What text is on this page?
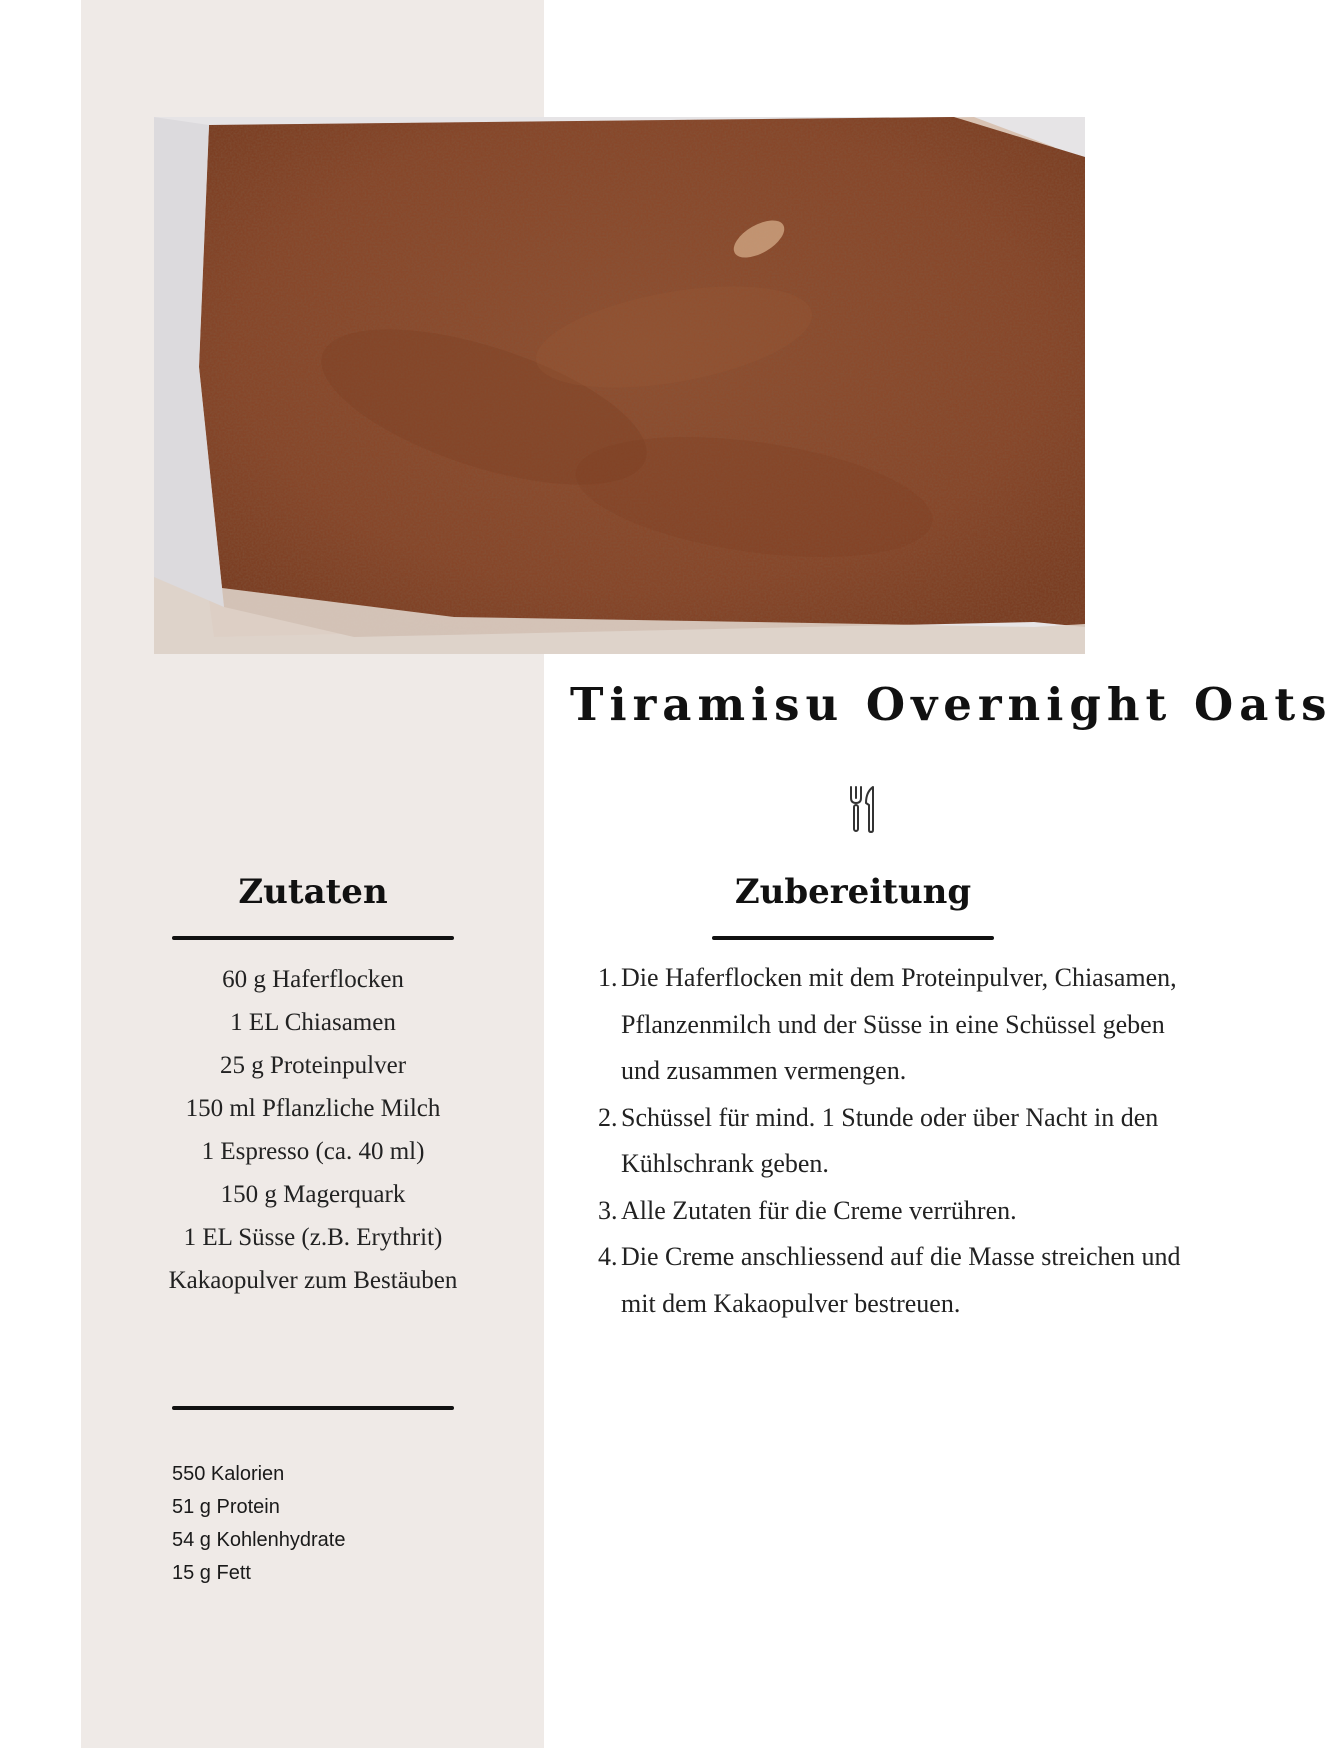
Tiramisu Overnight Oats
Zutaten	Zubereitung
60 g Haferflocken
1 EL Chiasamen
25 g Proteinpulver
150 ml Pflanzliche Milch
1 Espresso (ca. 40 ml)
150 g Magerquark
1 EL Süsse (z.B. Erythrit)
Kakaopulver zum Bestäuben
1. Die Haferflocken mit dem Proteinpulver, Chiasamen, Pflanzenmilch und der Süsse in eine Schüssel geben und zusammen vermengen.
2. Schüssel für mind. 1 Stunde oder über Nacht in den Kühlschrank geben.
3. Alle Zutaten für die Creme verrühren.
4. Die Creme anschliessend auf die Masse streichen und mit dem Kakaopulver bestreuen.
550 Kalorien
51 g Protein
54 g Kohlenhydrate
15 g Fett
